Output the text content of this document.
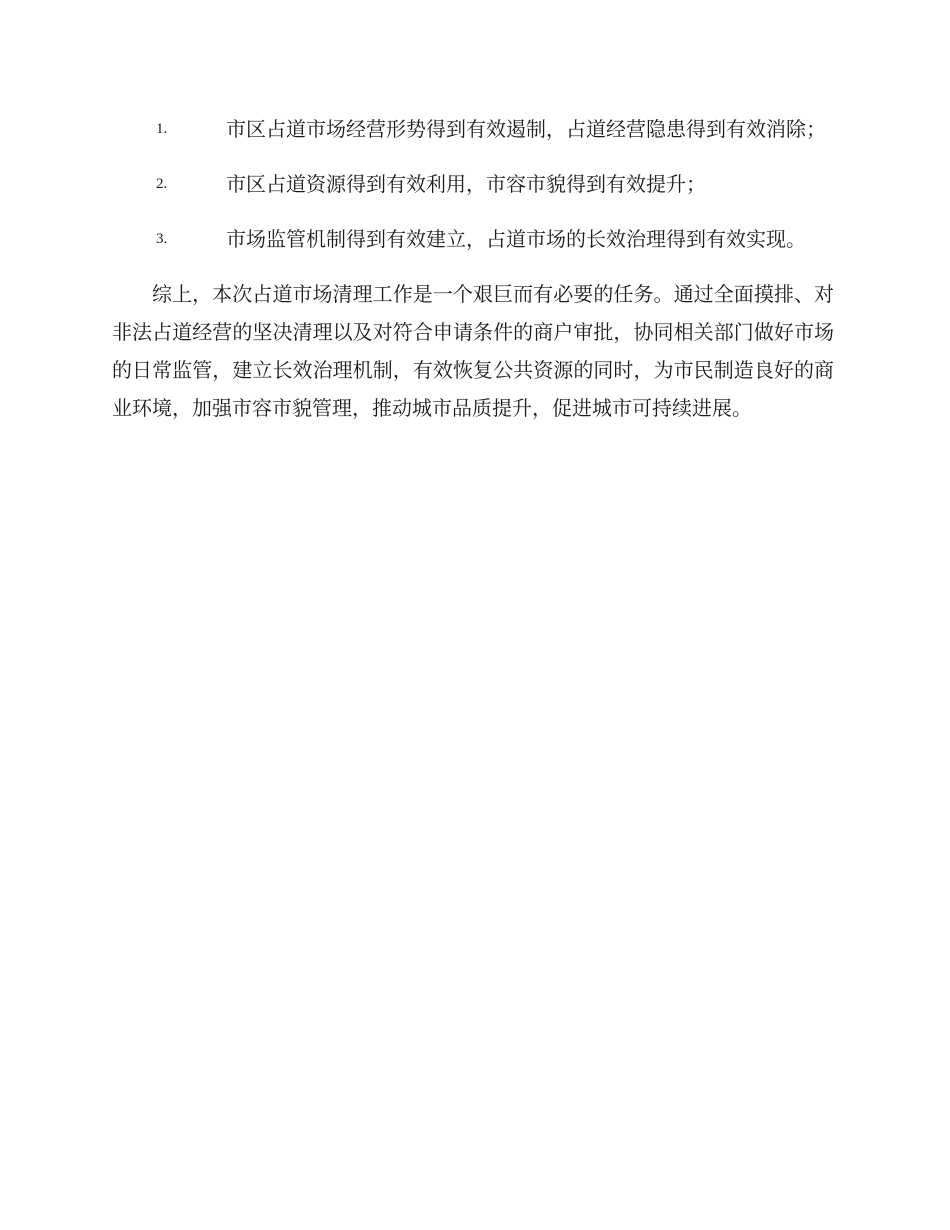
1.	市区占道市场经营形势得到有效遏制，占道经营隐患得到有效消除；
2.	市区占道资源得到有效利用，市容市貌得到有效提升；
3.	市场监管机制得到有效建立，占道市场的长效治理得到有效实现。

综上，本次占道市场清理工作是一个艰巨而有必要的任务。通过全面摸排、对非法占道经营的坚决清理以及对符合申请条件的商户审批，协同相关部门做好市场的日常监管，建立长效治理机制，有效恢复公共资源的同时，为市民制造良好的商业环境，加强市容市貌管理，推动城市品质提升，促进城市可持续进展。
